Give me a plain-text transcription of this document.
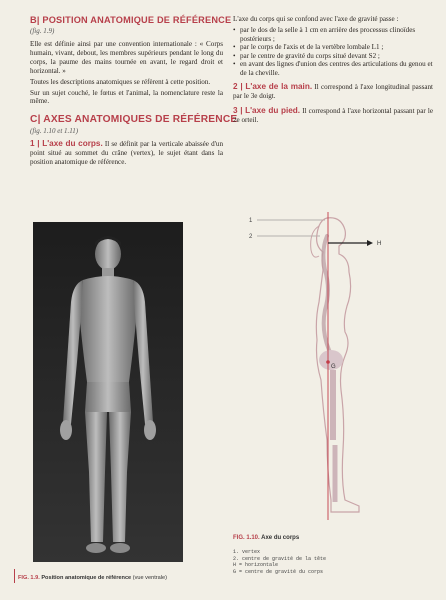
B| POSITION ANATOMIQUE DE RÉFÉRENCE
(fig. 1.9)

Elle est définie ainsi par une convention internationale : « Corps humain, vivant, debout, les membres supérieurs pendant le long du corps, la paume des mains tournée en avant, le regard droit et horizontal. »

Toutes les descriptions anatomiques se réfèrent à cette position.

Sur un sujet couché, le fœtus et l'animal, la nomenclature reste la même.

C| AXES ANATOMIQUES DE RÉFÉRENCE
(fig. 1.10 et 1.11)

1 | L'axe du corps. Il se définit par la verticale abaissée d'un point situé au sommet du crâne (vertex), le sujet étant dans la position anatomique de référence.

FIG. 1.9. Position anatomique de référence (vue ventrale)

L'axe du corps qui se confond avec l'axe de gravité passe :

• par le dos de la selle à 1 cm en arrière des processus clinoïdes postérieurs ;
• par le corps de l'axis et de la vertèbre lombale L1 ;
• par le centre de gravité du corps situé devant S2 ;
• en avant des lignes d'union des centres des articulations du genou et de la cheville.

2 | L'axe de la main. Il correspond à l'axe longitudinal passant par le 3e doigt.

3 | L'axe du pied. Il correspond à l'axe horizontal passant par le 2e orteil.

1
2
H
G
FIG. 1.10. Axe du corps
1. vertex
2. centre de gravité de la tête
H = horizontale
G = centre de gravité du corps
